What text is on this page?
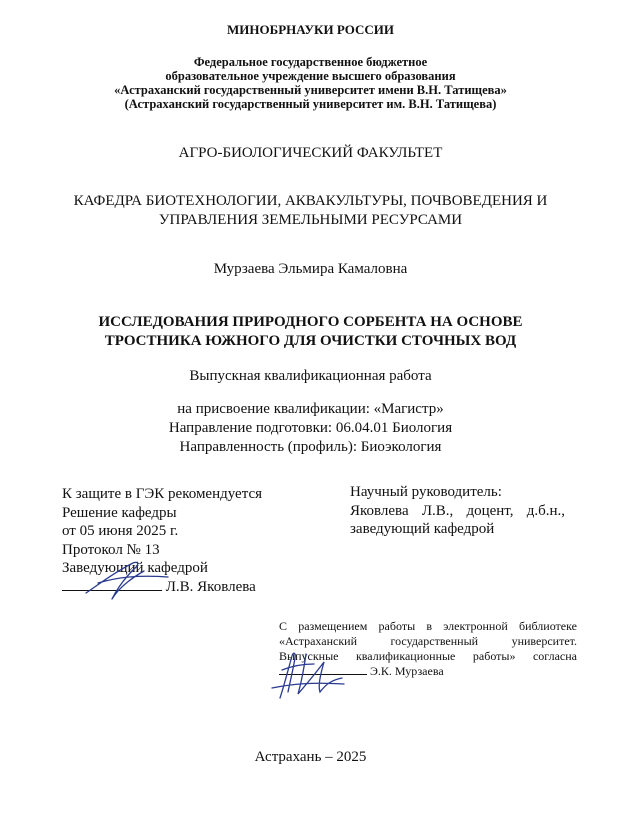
МИНОБРНАУКИ РОССИИ
Федеральное государственное бюджетное
образовательное учреждение высшего образования
«Астраханский государственный университет имени В.Н. Татищева»
(Астраханский государственный университет им. В.Н. Татищева)
АГРО-БИОЛОГИЧЕСКИЙ ФАКУЛЬТЕТ
КАФЕДРА БИОТЕХНОЛОГИИ, АКВАКУЛЬТУРЫ, ПОЧВОВЕДЕНИЯ И
УПРАВЛЕНИЯ ЗЕМЕЛЬНЫМИ РЕСУРСАМИ
Мурзаева Эльмира Камаловна
ИССЛЕДОВАНИЯ ПРИРОДНОГО СОРБЕНТА НА ОСНОВЕ
ТРОСТНИКА ЮЖНОГО ДЛЯ ОЧИСТКИ СТОЧНЫХ ВОД
Выпускная квалификационная работа
на присвоение квалификации: «Магистр»
Направление подготовки: 06.04.01 Биология
Направленность (профиль): Биоэкология
К защите в ГЭК рекомендуется
Решение кафедры
от 05 июня 2025 г.
Протокол № 13
Заведующий кафедрой
Л.В. Яковлева
Научный руководитель:
Яковлева Л.В., доцент, д.б.н.,
заведующий кафедрой
С размещением работы в электронной библиотеке
«Астраханский государственный университет.
Выпускные квалификационные работы» согласна
Э.К. Мурзаева
Астрахань – 2025
